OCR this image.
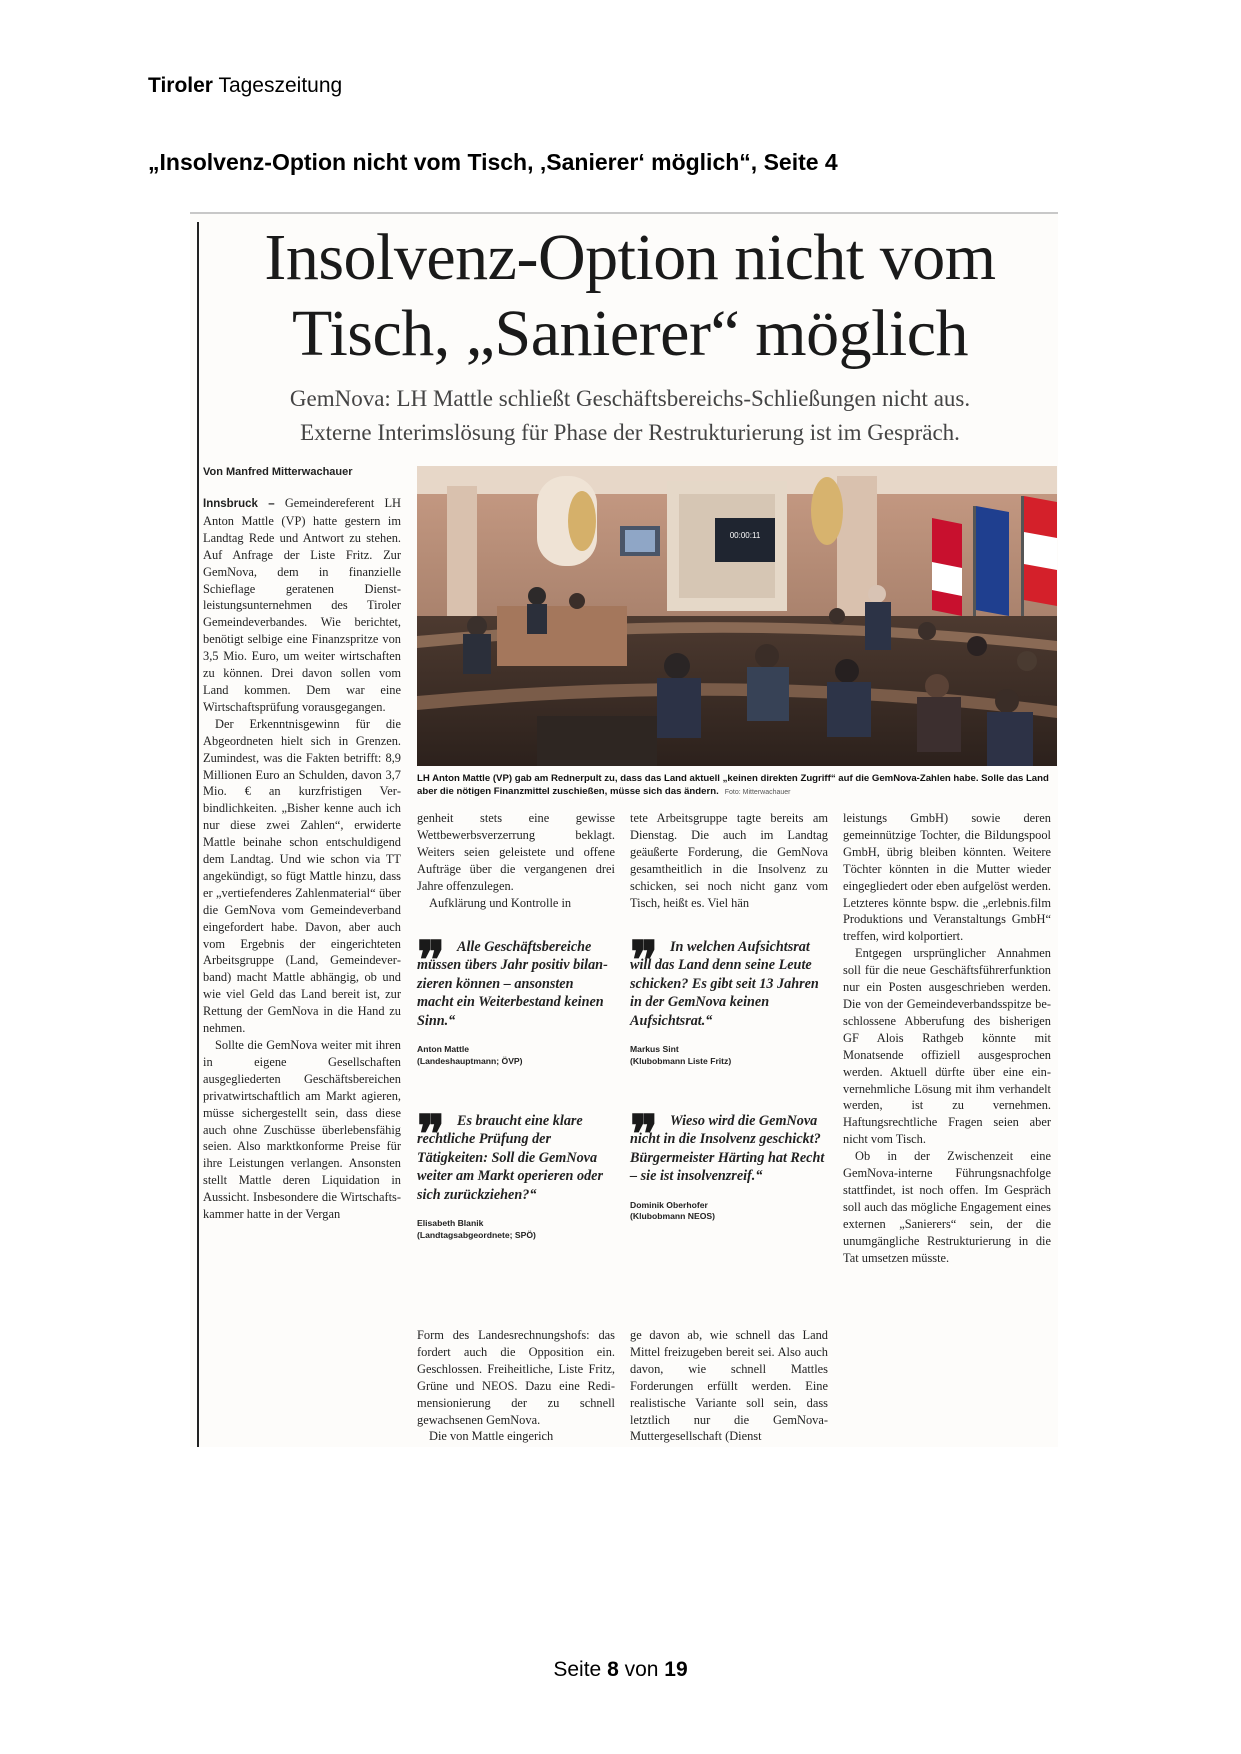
Tiroler Tageszeitung
„Insolvenz-Option nicht vom Tisch, ‚Sanierer‘ möglich“, Seite 4
Insolvenz-Option nicht vom
Tisch, „Sanierer“ möglich
GemNova: LH Mattle schließt Geschäftsbereichs-Schließungen nicht aus.
Externe Interimslösung für Phase der Restrukturierung ist im Gespräch.
Von Manfred Mitterwachauer
00:00:11
LH Anton Mattle (VP) gab am Rednerpult zu, dass das Land aktuell „keinen direkten Zugriff“ auf die GemNova-Zahlen habe. Solle das Land aber die nötigen Finanzmittel zuschießen, müsse sich das ändern. Foto: Mitterwachauer

Innsbruck – Gemeindereferent LH Anton Mattle (VP) hatte gestern im Landtag Rede und Antwort zu stehen. Auf Anfrage der Liste Fritz. Zur GemNova, dem in finanzielle Schieflage geratenen Dienstleistungsunternehmen des Tiroler Gemeindeverbandes. Wie berichtet, benötigt selbige eine Finanzspritze von 3,5 Mio. Euro, um weiter wirtschaften zu können. Drei davon sollen vom Land kommen. Dem war eine Wirtschaftsprüfung vorausgegangen.

Der Erkenntnisgewinn für die Abgeordneten hielt sich in Grenzen. Zumindest, was die Fakten betrifft: 8,9 Millionen Euro an Schulden, davon 3,7 Mio. € an kurzfristigen Verbindlichkeiten. „Bisher kenne auch ich nur diese zwei Zahlen“, erwiderte Mattle beinahe schon entschuldigend dem Landtag. Und wie schon via TT angekündigt, so fügt Mattle hinzu, dass er „vertiefenderes Zahlenmaterial“ über die GemNova vom Gemeindeverband eingefordert habe. Davon, aber auch vom Ergebnis der eingerichteten Arbeitsgruppe (Land, Gemeindeverband) macht Mattle abhängig, ob und wie viel Geld das Land bereit ist, zur Rettung der GemNova in die Hand zu nehmen.

Sollte die GemNova weiter mit ihren in eigene Gesellschaften ausgegliederten Geschäftsbereichen privatwirtschaftlich am Markt agieren, müsse sichergestellt sein, dass diese auch ohne Zuschüsse überlebensfähig seien. Also marktkonforme Preise für ihre Leistungen verlangen. Ansonsten stellt Mattle deren Liquidation in Aussicht. Insbesondere die Wirtschaftskammer hatte in der Vergan

genheit stets eine gewisse Wettbewerbsverzerrung beklagt. Weiters seien geleistete und offene Aufträge über die vergangenen drei Jahre offenzulegen.

Aufklärung und Kontrolle in

tete Arbeitsgruppe tagte bereits am Dienstag. Die auch im Landtag geäußerte Forderung, die GemNova gesamtheitlich in die Insolvenz zu schicken, sei noch nicht ganz vom Tisch, heißt es. Viel hän

leistungs GmbH) sowie deren gemeinnützige Tochter, die Bildungspool GmbH, übrig bleiben könnten. Weitere Töchter könnten in die Mutter wieder eingegliedert oder eben aufgelöst werden. Letzteres könnte bspw. die „erlebnis.film Produktions und Veranstaltungs GmbH“ treffen, wird kolportiert.

Entgegen ursprünglicher Annahmen soll für die neue Geschäftsführerfunktion nur ein Posten ausgeschrieben werden. Die von der Gemeindeverbandsspitze beschlossene Abberufung des bisherigen GF Alois Rathgeb könnte mit Monatsende offiziell ausgesprochen werden. Aktuell dürfte über eine einvernehmliche Lösung mit ihm verhandelt werden, ist zu vernehmen. Haftungsrechtliche Fragen seien aber nicht vom Tisch.

Ob in der Zwischenzeit eine GemNova-interne Führungsnachfolge stattfindet, ist noch offen. Im Gespräch soll auch das mögliche Engagement eines externen „Sanierers“ sein, der die unumgängliche Restrukturierung in die Tat umsetzen müsste.

❞ Alle Geschäftsbereiche müssen übers Jahr positiv bilanzieren können – ansonsten macht ein Weiterbestand keinen Sinn.“
Anton Mattle
(Landeshauptmann; ÖVP)
❞ In welchen Aufsichtsrat will das Land denn seine Leute schicken? Es gibt seit 13 Jahren in der GemNova keinen Aufsichtsrat.“
Markus Sint
(Klubobmann Liste Fritz)
❞ Es braucht eine klare rechtliche Prüfung der Tätigkeiten: Soll die GemNova weiter am Markt operieren oder sich zurückziehen?“
Elisabeth Blanik
(Landtagsabgeordnete; SPÖ)
❞ Wieso wird die GemNova nicht in die Insolvenz geschickt? Bürgermeister Härting hat Recht – sie ist insolvenzreif.“
Dominik Oberhofer
(Klubobmann NEOS)

Form des Landesrechnungshofs: das fordert auch die Opposition ein. Geschlossen. Freiheitliche, Liste Fritz, Grüne und NEOS. Dazu eine Redimensionierung der zu schnell gewachsenen GemNova.

Die von Mattle eingerich

ge davon ab, wie schnell das Land Mittel freizugeben bereit sei. Also auch davon, wie schnell Mattles Forderungen erfüllt werden. Eine realistische Variante soll sein, dass letztlich nur die GemNova-Muttergesellschaft (Dienst

Seite 8 von 19
